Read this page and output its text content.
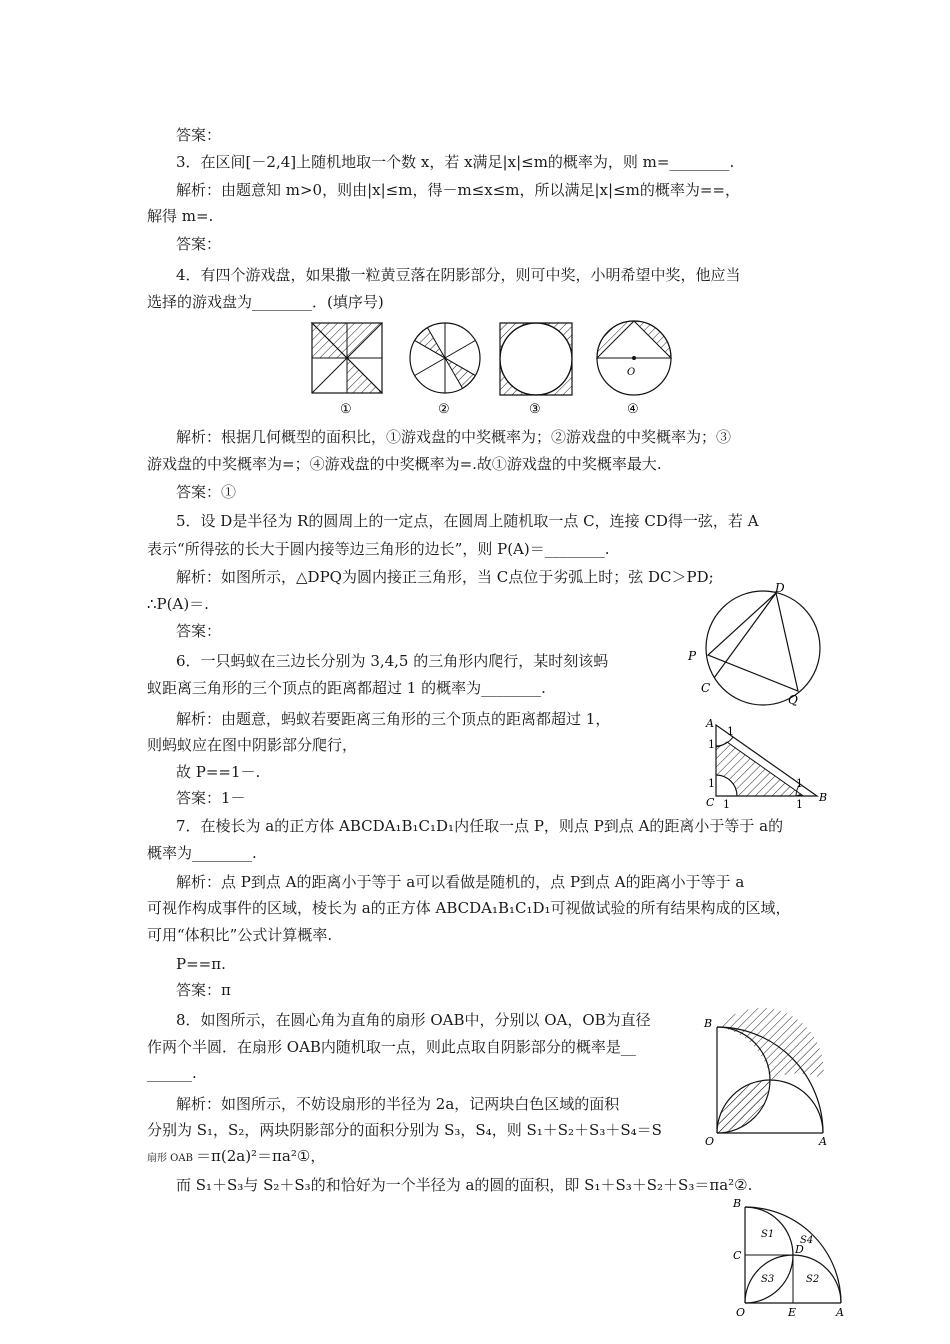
答案：
3．在区间[－2,4]上随机地取一个数 x，若 x满足|x|≤m的概率为，则 m=________.
解析：由题意知 m>0，则由|x|≤m，得－m≤x≤m，所以满足|x|≤m的概率为==，
解得 m=.
答案：
4．有四个游戏盘，如果撒一粒黄豆落在阴影部分，则可中奖，小明希望中奖，他应当
选择的游戏盘为________．(填序号)
①	②	③
O
④
解析：根据几何概型的面积比，①游戏盘的中奖概率为；②游戏盘的中奖概率为；③
游戏盘的中奖概率为=；④游戏盘的中奖概率为=.故①游戏盘的中奖概率最大.
答案：①
5．设 D是半径为 R的圆周上的一定点，在圆周上随机取一点 C，连接 CD得一弦，若 A
表示“所得弦的长大于圆内接等边三角形的边长”，则 P(A)＝________.
解析：如图所示，△DPQ为圆内接正三角形，当 C点位于劣弧上时；弦 DC＞PD;
∴P(A)＝.
答案：
D
P
C
Q
6．一只蚂蚁在三边长分别为 3,4,5 的三角形内爬行，某时刻该蚂
蚁距离三角形的三个顶点的距离都超过 1 的概率为________.
解析：由题意，蚂蚁若要距离三角形的三个顶点的距离都超过 1，
则蚂蚁应在图中阴影部分爬行，
故 P==1－.
答案：1－
A
B
C
1
1
1
1	1
1
7．在棱长为 a的正方体 ABCDA₁B₁C₁D₁内任取一点 P，则点 P到点 A的距离小于等于 a的
概率为________.
解析：点 P到点 A的距离小于等于 a可以看做是随机的，点 P到点 A的距离小于等于 a
可视作构成事件的区域，棱长为 a的正方体 ABCDA₁B₁C₁D₁可视做试验的所有结果构成的区域，
可用“体积比”公式计算概率.
P==π.
答案：π
8．如图所示，在圆心角为直角的扇形 OAB中，分别以 OA，OB为直径
作两个半圆．在扇形 OAB内随机取一点，则此点取自阴影部分的概率是__
______.
B
O	A
解析：如图所示，不妨设扇形的半径为 2a，记两块白色区域的面积
分别为 S₁，S₂，两块阴影部分的面积分别为 S₃，S₄，则 S₁＋S₂＋S₃＋S₄＝S
扇形 OAB ＝π(2a)²＝πa²①，
而 S₁＋S₃与 S₂＋S₃的和恰好为一个半径为 a的圆的面积，即 S₁＋S₃＋S₂＋S₃＝πa²②.
B
C	D
O	E	A
S1
S2
S3
S4
